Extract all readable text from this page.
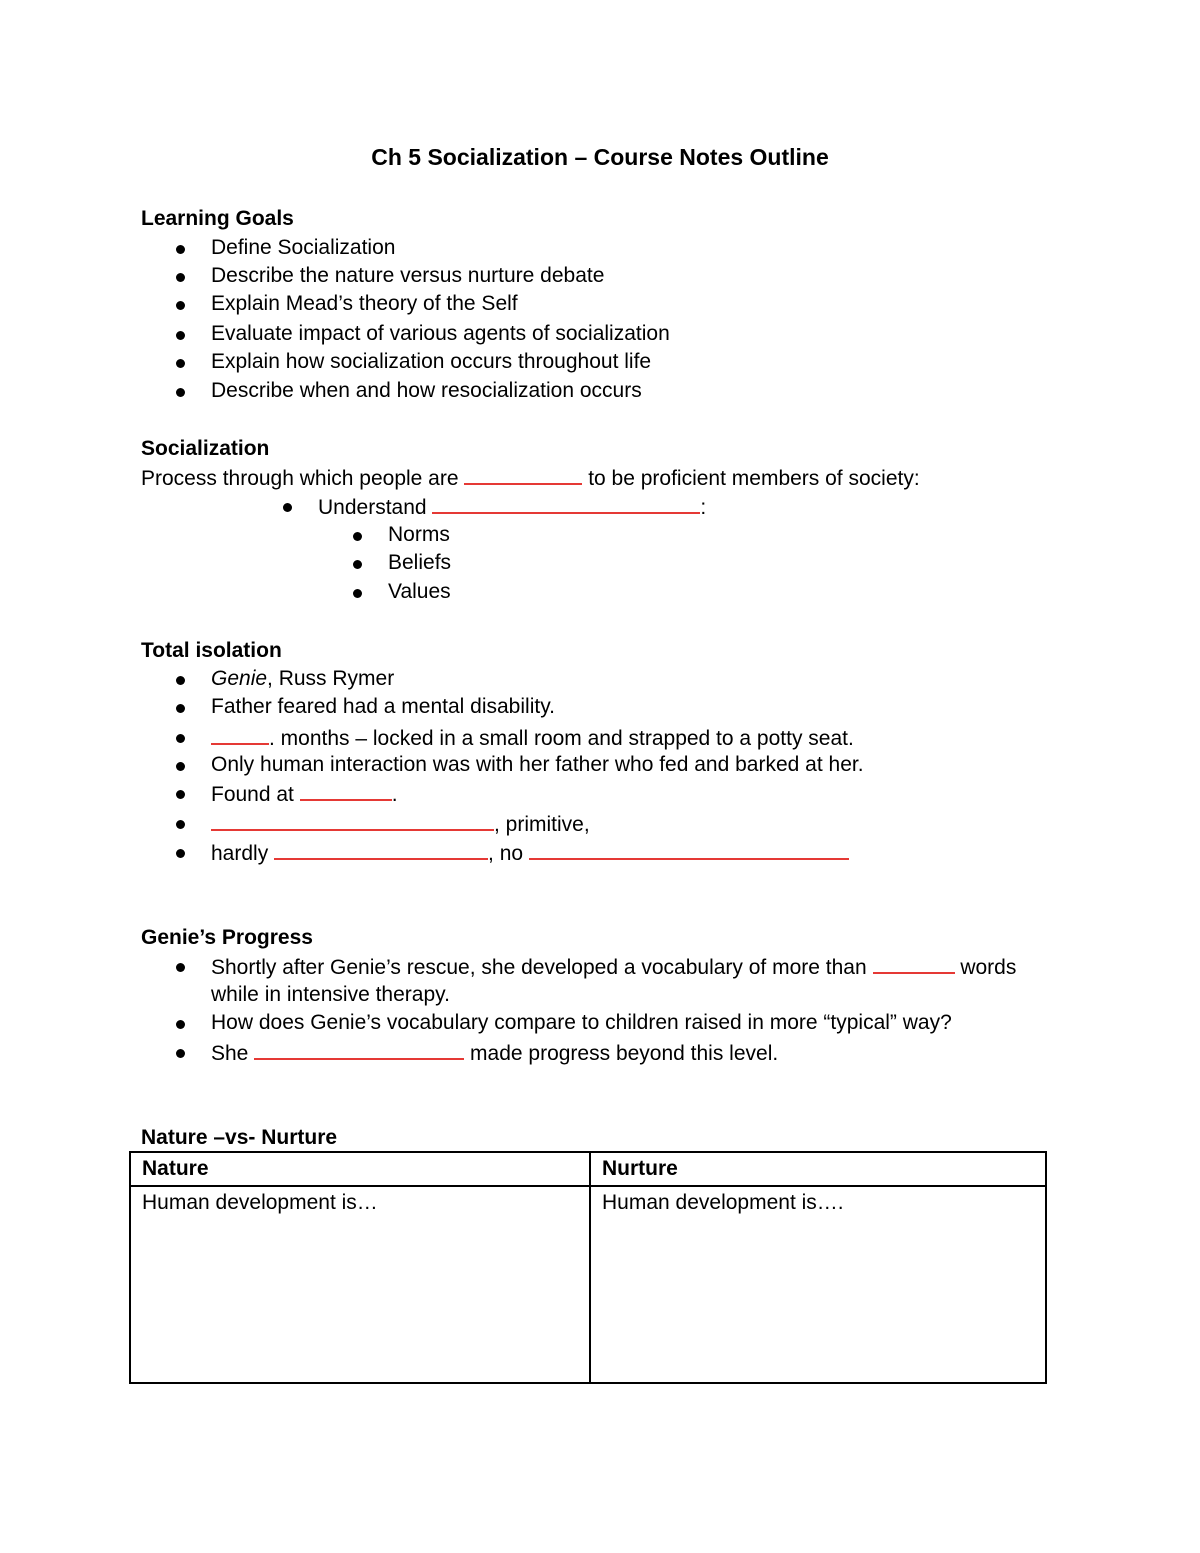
Ch 5 Socialization – Course Notes Outline
Learning Goals
Define Socialization
Describe the nature versus nurture debate
Explain Mead’s theory of the Self
Evaluate impact of various agents of socialization
Explain how socialization occurs throughout life
Describe when and how resocialization occurs
Socialization
Process through which people are	to be proficient members of society:
Understand	:
Norms
Beliefs
Values
Total isolation
Genie, Russ Rymer
Father feared had a mental disability.
. months – locked in a small room and strapped to a potty seat.
Only human interaction was with her father who fed and barked at her.
Found at	.
, primitive,
hardly	, no
Genie’s Progress
Shortly after Genie’s rescue, she developed a vocabulary of more than	words
while in intensive therapy.
How does Genie’s vocabulary compare to children raised in more “typical” way?
She	made progress beyond this level.
Nature –vs- Nurture
Nature	Nurture
Human development is…	Human development is….
